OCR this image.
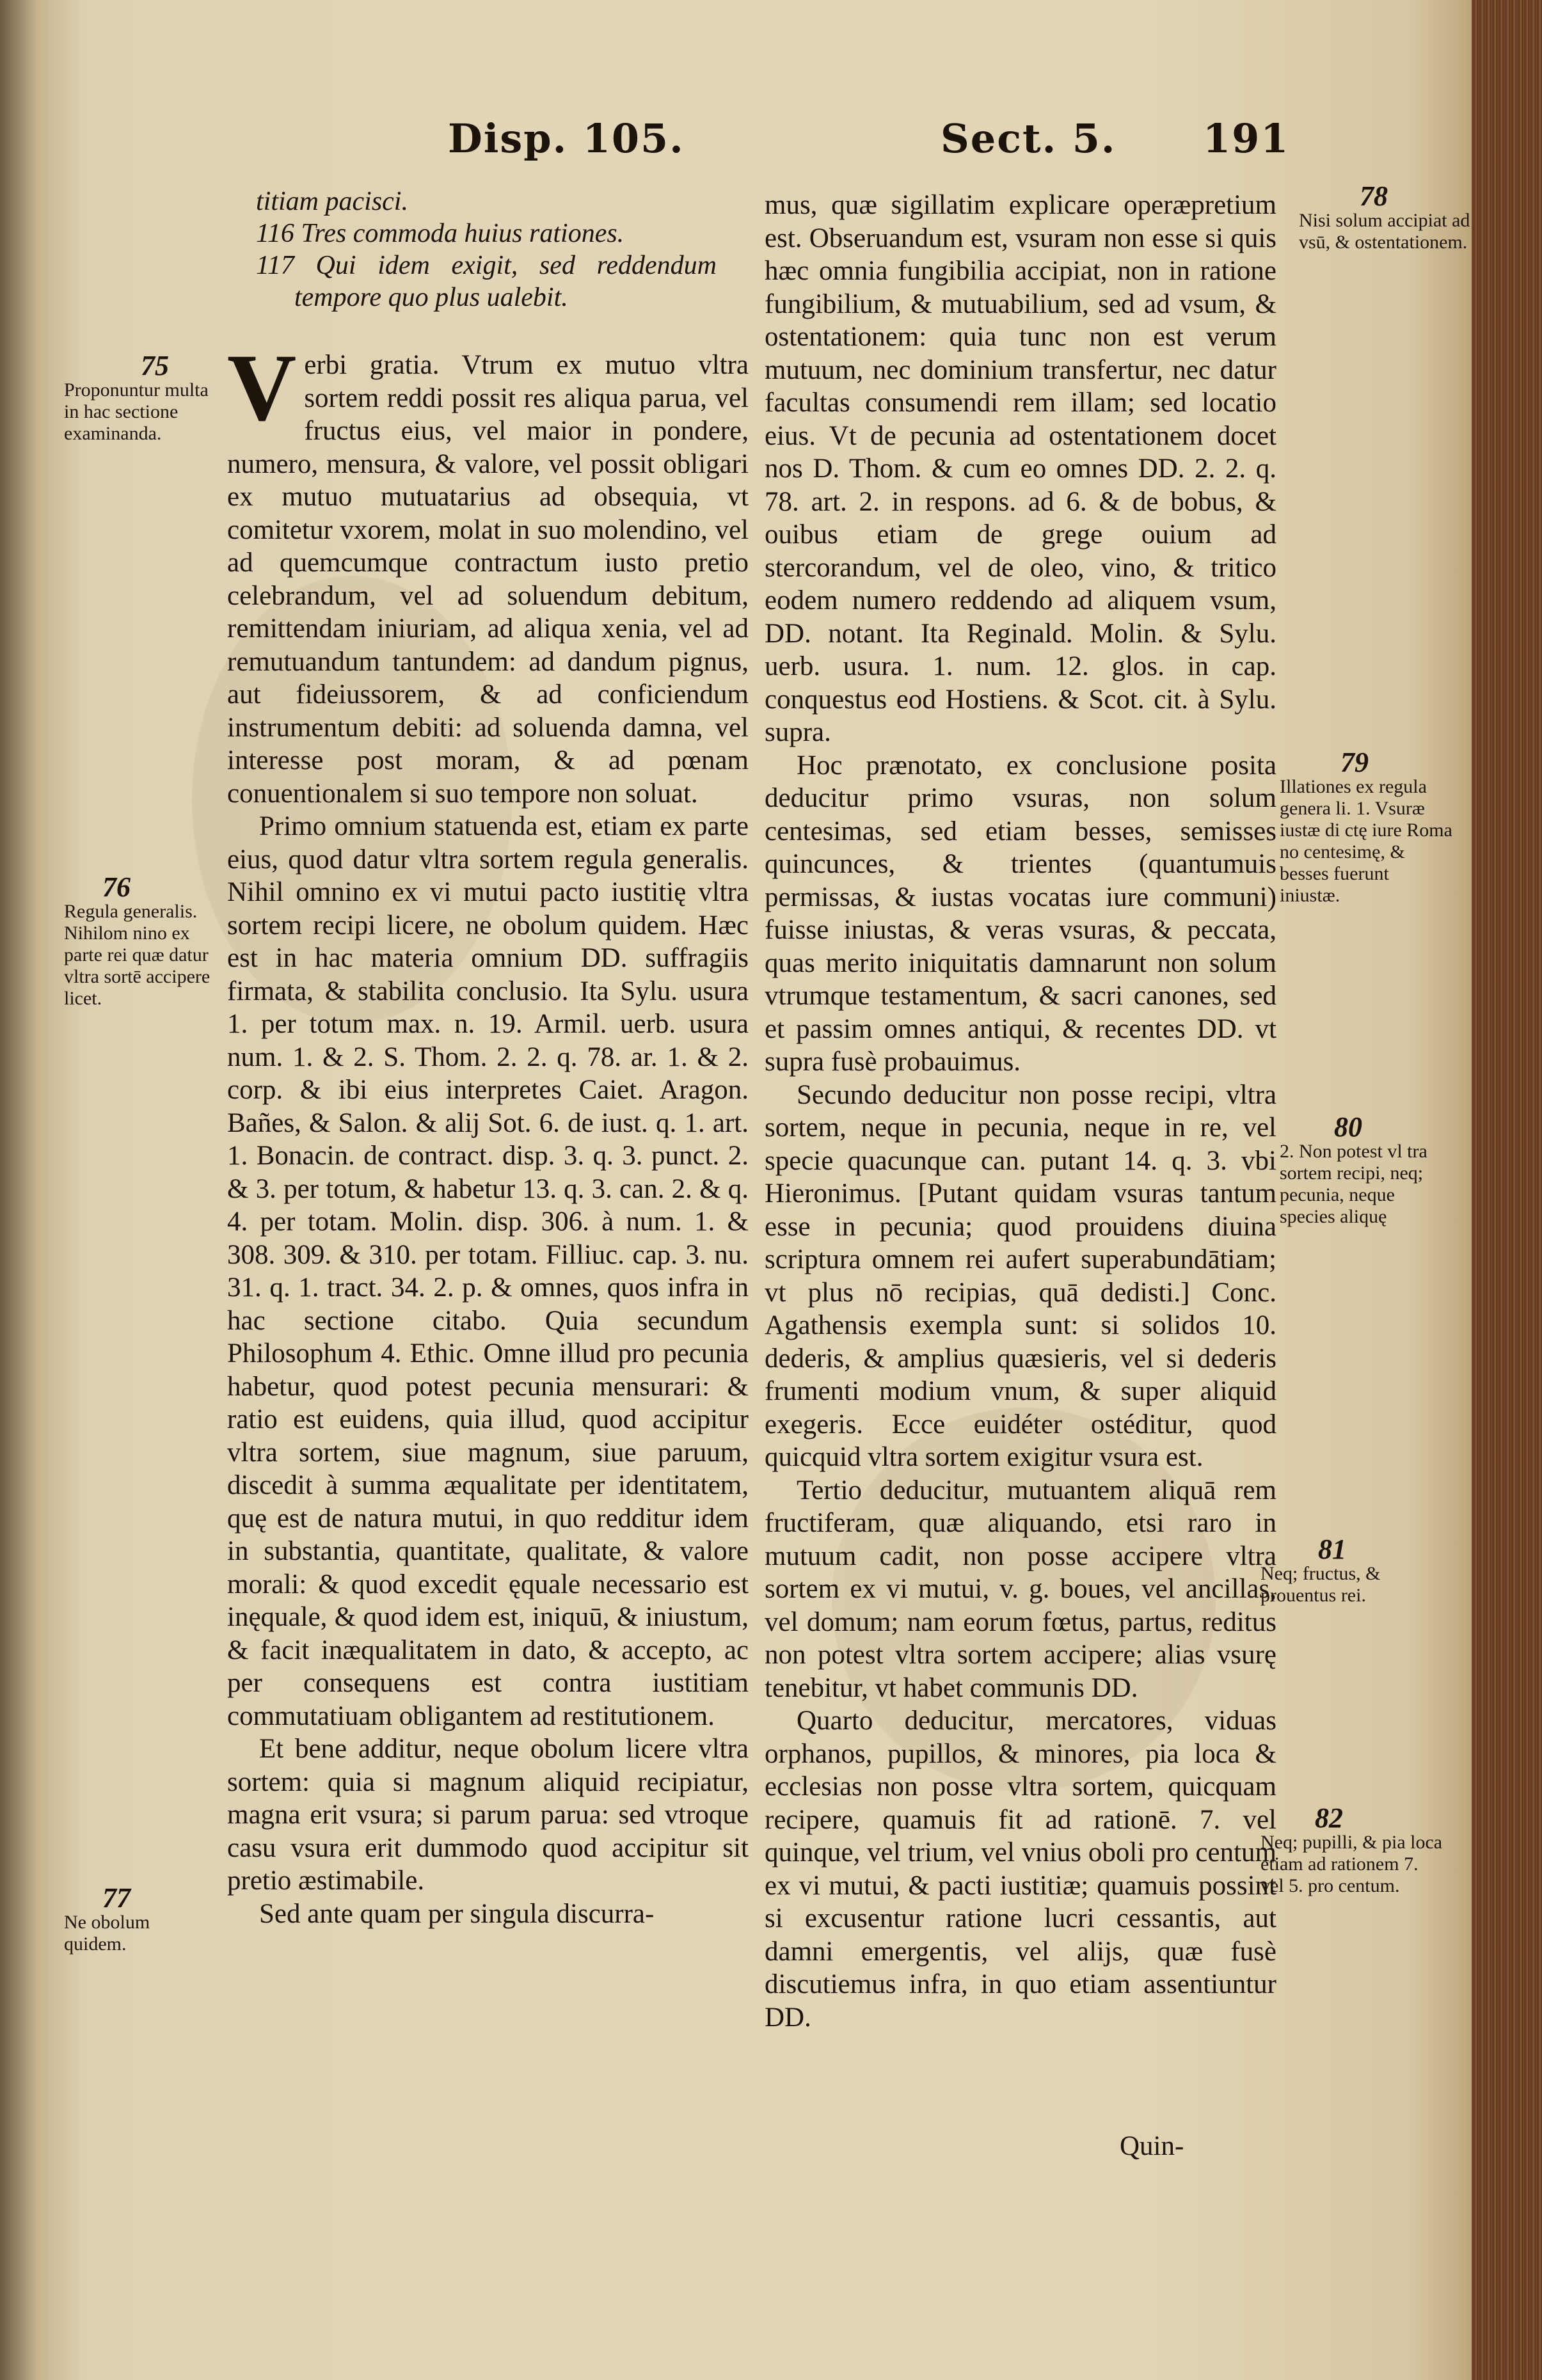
Disp. 105.	Sect. 5. 191

titiam pacisci.

116 Tres commoda huius rationes.

117 Qui idem exigit, sed reddendum tempore quo plus ualebit.

Verbi gratia. Vtrum ex mutuo vltra sortem reddi possit res aliqua parua, vel fructus eius, vel maior in pondere, numero, mensura, & valore, vel possit obligari ex mutuo mutuatarius ad obsequia, vt comitetur vxorem, molat in suo molendino, vel ad quemcumque contractum iusto pretio celebrandum, vel ad soluendum debitum, remittendam iniuriam, ad aliqua xenia, vel ad remutuandum tantundem: ad dandum pignus, aut fideiussorem, & ad conficiendum instrumentum debiti: ad soluenda damna, vel interesse post moram, & ad pœnam conuentionalem si suo tempore non soluat.

Primo omnium statuenda est, etiam ex parte eius, quod datur vltra sortem regula generalis. Nihil omnino ex vi mutui pacto iustitię vltra sortem recipi licere, ne obolum quidem. Hæc est in hac materia omnium DD. suffragiis firmata, & stabilita conclusio. Ita Sylu. usura 1. per totum max. n. 19. Armil. uerb. usura num. 1. & 2. S. Thom. 2. 2. q. 78. ar. 1. & 2. corp. & ibi eius interpretes Caiet. Aragon. Bañes, & Salon. & alij Sot. 6. de iust. q. 1. art. 1. Bonacin. de contract. disp. 3. q. 3. punct. 2. & 3. per totum, & habetur 13. q. 3. can. 2. & q. 4. per totam. Molin. disp. 306. à num. 1. & 308. 309. & 310. per totam. Filliuc. cap. 3. nu. 31. q. 1. tract. 34. 2. p. & omnes, quos infra in hac sectione citabo. Quia secundum Philosophum 4. Ethic. Omne illud pro pecunia habetur, quod potest pecunia mensurari: & ratio est euidens, quia illud, quod accipitur vltra sortem, siue magnum, siue paruum, discedit à summa æqualitate per identitatem, quę est de natura mutui, in quo redditur idem in substantia, quantitate, qualitate, & valore morali: & quod excedit ęquale necessario est inęquale, & quod idem est, iniquū, & iniustum, & facit inæqualitatem in dato, & accepto, ac per consequens est contra iustitiam commutatiuam obligantem ad restitutionem.

Et bene additur, neque obolum licere vltra sortem: quia si magnum aliquid recipiatur, magna erit vsura; si parum parua: sed vtroque casu vsura erit dummodo quod accipitur sit pretio æstimabile.

Sed ante quam per singula discurra-

mus, quæ sigillatim explicare operæpretium est. Obseruandum est, vsuram non esse si quis hæc omnia fungibilia accipiat, non in ratione fungibilium, & mutuabilium, sed ad vsum, & ostentationem: quia tunc non est verum mutuum, nec dominium transfertur, nec datur facultas consumendi rem illam; sed locatio eius. Vt de pecunia ad ostentationem docet nos D. Thom. & cum eo omnes DD. 2. 2. q. 78. art. 2. in respons. ad 6. & de bobus, & ouibus etiam de grege ouium ad stercorandum, vel de oleo, vino, & tritico eodem numero reddendo ad aliquem vsum, DD. notant. Ita Reginald. Molin. & Sylu. uerb. usura. 1. num. 12. glos. in cap. conquestus eod Hostiens. & Scot. cit. à Sylu. supra.

Hoc prænotato, ex conclusione posita deducitur primo vsuras, non solum centesimas, sed etiam besses, semisses quincunces, & trientes (quantumuis permissas, & iustas vocatas iure communi) fuisse iniustas, & veras vsuras, & peccata, quas merito iniquitatis damnarunt non solum vtrumque testamentum, & sacri canones, sed et passim omnes antiqui, & recentes DD. vt supra fusè probauimus.

Secundo deducitur non posse recipi, vltra sortem, neque in pecunia, neque in re, vel specie quacunque can. putant 14. q. 3. vbi Hieronimus. [Putant quidam vsuras tantum esse in pecunia; quod prouidens diuina scriptura omnem rei aufert superabundātiam; vt plus nō recipias, quā dedisti.] Conc. Agathensis exempla sunt: si solidos 10. dederis, & amplius quæsieris, vel si dederis frumenti modium vnum, & super aliquid exegeris. Ecce euidéter ostéditur, quod quicquid vltra sortem exigitur vsura est.

Tertio deducitur, mutuantem aliquā rem fructiferam, quæ aliquando, etsi raro in mutuum cadit, non posse accipere vltra sortem ex vi mutui, v. g. boues, vel ancillas, vel domum; nam eorum fœtus, partus, reditus non potest vltra sortem accipere; alias vsurę tenebitur, vt habet communis DD.

Quarto deducitur, mercatores, viduas orphanos, pupillos, & minores, pia loca & ecclesias non posse vltra sortem, quicquam recipere, quamuis fit ad rationē. 7. vel quinque, vel trium, vel vnius oboli pro centum ex vi mutui, & pacti iustitiæ; quamuis possint si excusentur ratione lucri cessantis, aut damni emergentis, vel alijs, quæ fusè discutiemus infra, in quo etiam assentiuntur DD.

Quin-
75
Proponuntur multa in hac sectione examinanda.
76
Regula generalis. Nihilom nino ex parte rei quæ datur vltra sortē accipere licet.
77
Ne obolum quidem.
78
Nisi solum accipiat ad vsū, & ostentationem.
79
Illationes ex regula genera li. 1. Vsuræ iustæ di ctę iure Roma no centesimę, & besses fuerunt iniustæ.
80
2. Non potest vl tra sortem recipi, neq; pecunia, neque species aliquę
81
Neq; fructus, & prouentus rei.
82
Neq; pupilli, & pia loca etiam ad rationem 7. vel 5. pro centum.
